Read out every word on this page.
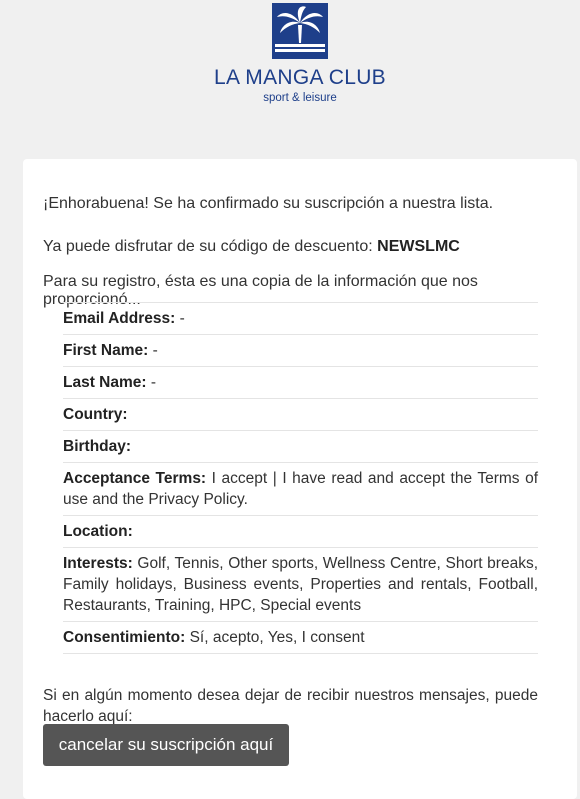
LA MANGA CLUB
sport & leisure

¡Enhorabuena! Se ha confirmado su suscripción a nuestra lista.

Ya puede disfrutar de su código de descuento: NEWSLMC

Para su registro, ésta es una copia de la información que nos proporcionó...

Email Address: -
First Name: -
Last Name: -
Country:
Birthday:
Acceptance Terms: I accept | I have read and accept the Terms of use and the Privacy Policy.
Location:
Interests: Golf, Tennis, Other sports, Wellness Centre, Short breaks, Family holidays, Business events, Properties and rentals, Football, Restaurants, Training, HPC, Special events
Consentimiento: Sí, acepto, Yes, I consent

Si en algún momento desea dejar de recibir nuestros mensajes, puede hacerlo aquí:

cancelar su suscripción aquí
